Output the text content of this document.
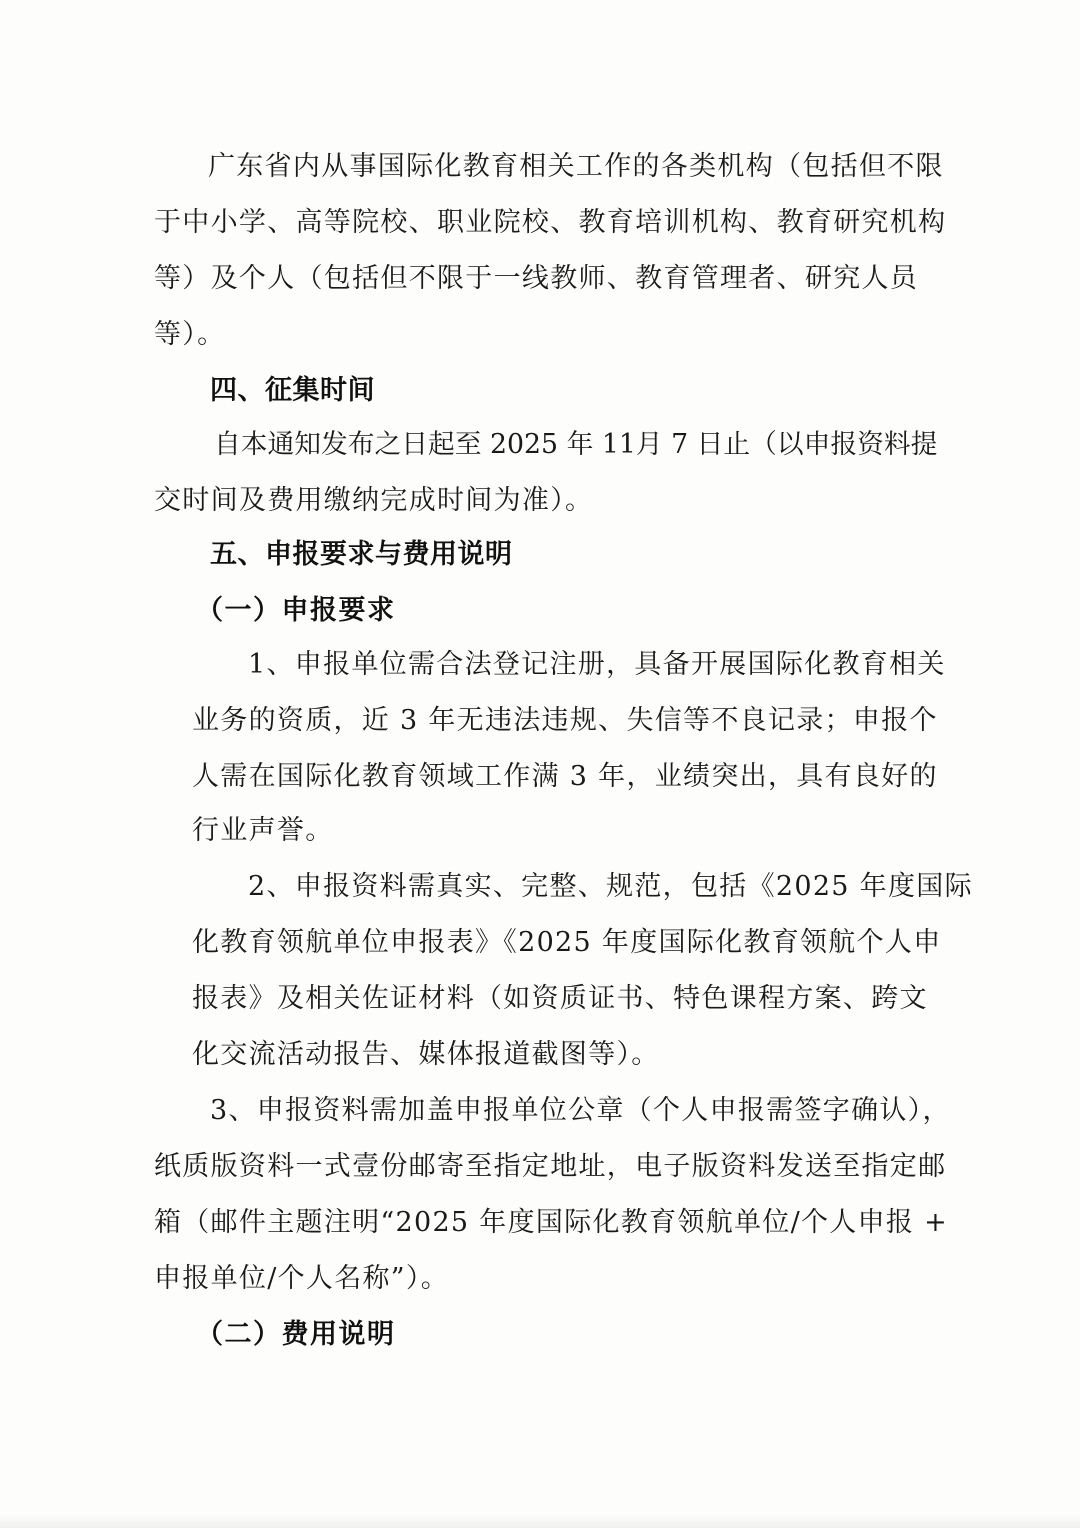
广东省内从事国际化教育相关工作的各类机构（包括但不限
于中小学、高等院校、职业院校、教育培训机构、教育研究机构
等）及个人（包括但不限于一线教师、教育管理者、研究人员
等）。
四、征集时间
自本通知发布之日起至 2025 年 11月 7 日止（以申报资料提
交时间及费用缴纳完成时间为准）。
五、申报要求与费用说明
（一）申报要求
1、申报单位需合法登记注册，具备开展国际化教育相关
业务的资质，近 3 年无违法违规、失信等不良记录；申报个
人需在国际化教育领域工作满 3 年，业绩突出，具有良好的
行业声誉。
2、申报资料需真实、完整、规范，包括《2025 年度国际
化教育领航单位申报表》《2025 年度国际化教育领航个人申
报表》及相关佐证材料（如资质证书、特色课程方案、跨文
化交流活动报告、媒体报道截图等）。
3、申报资料需加盖申报单位公章（个人申报需签字确认），
纸质版资料一式壹份邮寄至指定地址，电子版资料发送至指定邮
箱（邮件主题注明“2025 年度国际化教育领航单位/个人申报 +
申报单位/个人名称”）。
（二）费用说明
